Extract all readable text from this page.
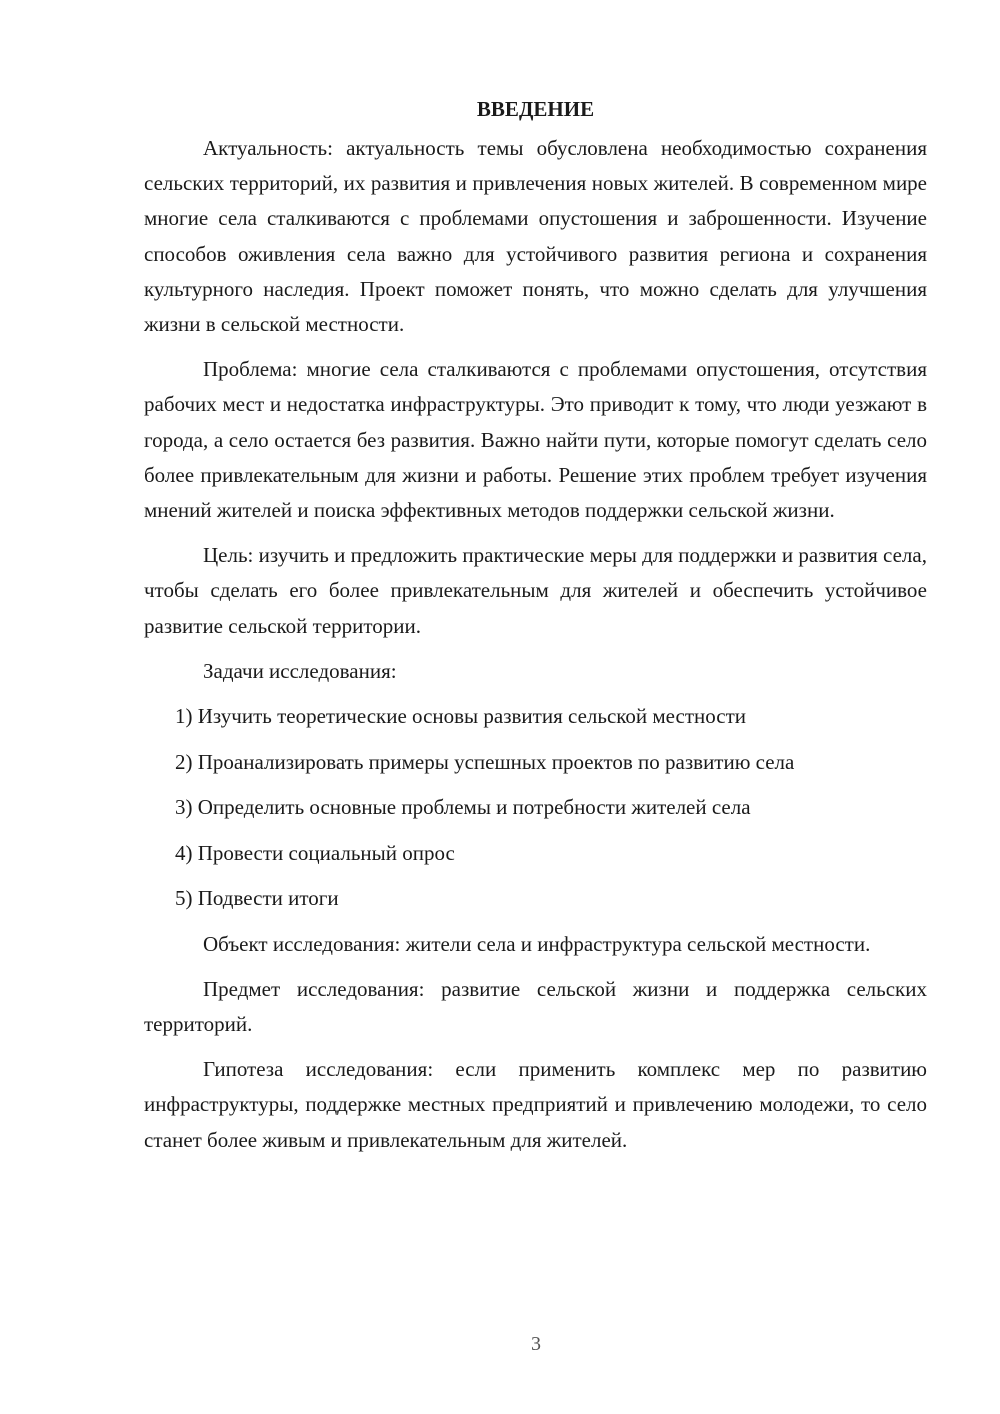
ВВЕДЕНИЕ

Актуальность: актуальность темы обусловлена необходимостью сохранения сельских территорий, их развития и привлечения новых жителей. В современном мире многие села сталкиваются с проблемами опустошения и заброшенности. Изучение способов оживления села важно для устойчивого развития региона и сохранения культурного наследия. Проект поможет понять, что можно сделать для улучшения жизни в сельской местности.

Проблема: многие села сталкиваются с проблемами опустошения, отсутствия рабочих мест и недостатка инфраструктуры. Это приводит к тому, что люди уезжают в города, а село остается без развития. Важно найти пути, которые помогут сделать село более привлекательным для жизни и работы. Решение этих проблем требует изучения мнений жителей и поиска эффективных методов поддержки сельской жизни.

Цель: изучить и предложить практические меры для поддержки и развития села, чтобы сделать его более привлекательным для жителей и обеспечить устойчивое развитие сельской территории.

Задачи исследования:

1) Изучить теоретические основы развития сельской местности
2) Проанализировать примеры успешных проектов по развитию села
3) Определить основные проблемы и потребности жителей села
4) Провести социальный опрос
5) Подвести итоги

Объект исследования: жители села и инфраструктура сельской местности.

Предмет исследования: развитие сельской жизни и поддержка сельских территорий.

Гипотеза исследования: если применить комплекс мер по развитию инфраструктуры, поддержке местных предприятий и привлечению молодежи, то село станет более живым и привлекательным для жителей.

3
